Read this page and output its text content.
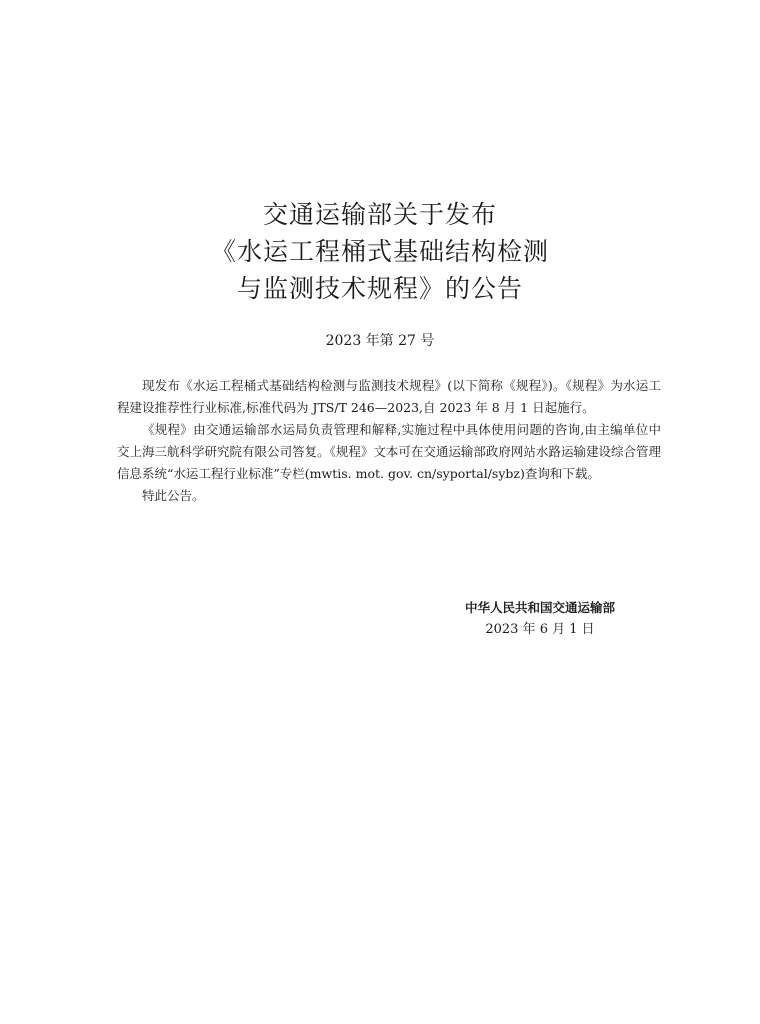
交通运输部关于发布
《水运工程桶式基础结构检测
与监测技术规程》的公告
2023 年第 27 号

现发布《水运工程桶式基础结构检测与监测技术规程》(以下简称《规程》)。《规程》为水运工程建设推荐性行业标准,标准代码为 JTS/T 246—2023,自 2023 年 8 月 1 日起施行。

《规程》由交通运输部水运局负责管理和解释,实施过程中具体使用问题的咨询,由主编单位中交上海三航科学研究院有限公司答复。《规程》文本可在交通运输部政府网站水路运输建设综合管理信息系统“水运工程行业标准”专栏(mwtis. mot. gov. cn/syportal/sybz)查询和下载。

特此公告。

中华人民共和国交通运输部
2023 年 6 月 1 日
